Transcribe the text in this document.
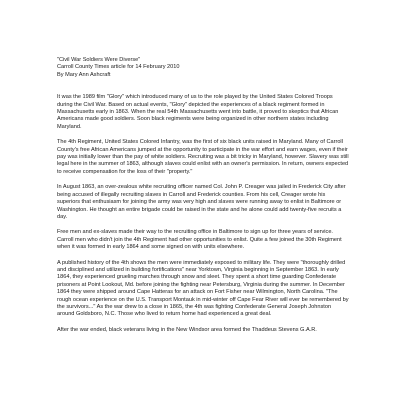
"Civil War Soldiers Were Diverse"

Carroll County Times article for 14 February 2010

By Mary Ann Ashcraft

It was the 1989 film "Glory" which introduced many of us to the role played by the United States Colored Troops during the Civil War. Based on actual events, "Glory" depicted the experiences of a black regiment formed in Massachusetts early in 1863. When the real 54th Massachusetts went into battle, it proved to skeptics that African Americans made good soldiers. Soon black regiments were being organized in other northern states including Maryland.

The 4th Regiment, United States Colored Infantry, was the first of six black units raised in Maryland. Many of Carroll County's free African Americans jumped at the opportunity to participate in the war effort and earn wages, even if their pay was initially lower than the pay of white soldiers. Recruiting was a bit tricky in Maryland, however. Slavery was still legal here in the summer of 1863, although slaves could enlist with an owner's permission. In return, owners expected to receive compensation for the loss of their "property."

In August 1863, an over-zealous white recruiting officer named Col. John P. Creager was jailed in Frederick City after being accused of illegally recruiting slaves in Carroll and Frederick counties. From his cell, Creager wrote his superiors that enthusiasm for joining the army was very high and slaves were running away to enlist in Baltimore or Washington. He thought an entire brigade could be raised in the state and he alone could add twenty-five recruits a day.

Free men and ex-slaves made their way to the recruiting office in Baltimore to sign up for three years of service. Carroll men who didn't join the 4th Regiment had other opportunities to enlist. Quite a few joined the 30th Regiment when it was formed in early 1864 and some signed on with units elsewhere.

A published history of the 4th shows the men were immediately exposed to military life. They were "thoroughly drilled and disciplined and utilized in building fortifications" near Yorktown, Virginia beginning in September 1863. In early 1864, they experienced grueling marches through snow and sleet. They spent a short time guarding Confederate prisoners at Point Lookout, Md. before joining the fighting near Petersburg, Virginia during the summer. In December 1864 they were shipped around Cape Hatteras for an attack on Fort Fisher near Wilmington, North Carolina. "The rough ocean experience on the U.S. Transport Montauk in mid-winter off Cape Fear River will ever be remembered by the survivors..." As the war drew to a close in 1865, the 4th was fighting Confederate General Joseph Johnston around Goldsboro, N.C. Those who lived to return home had experienced a great deal.

After the war ended, black veterans living in the New Windsor area formed the Thaddeus Stevens G.A.R.
